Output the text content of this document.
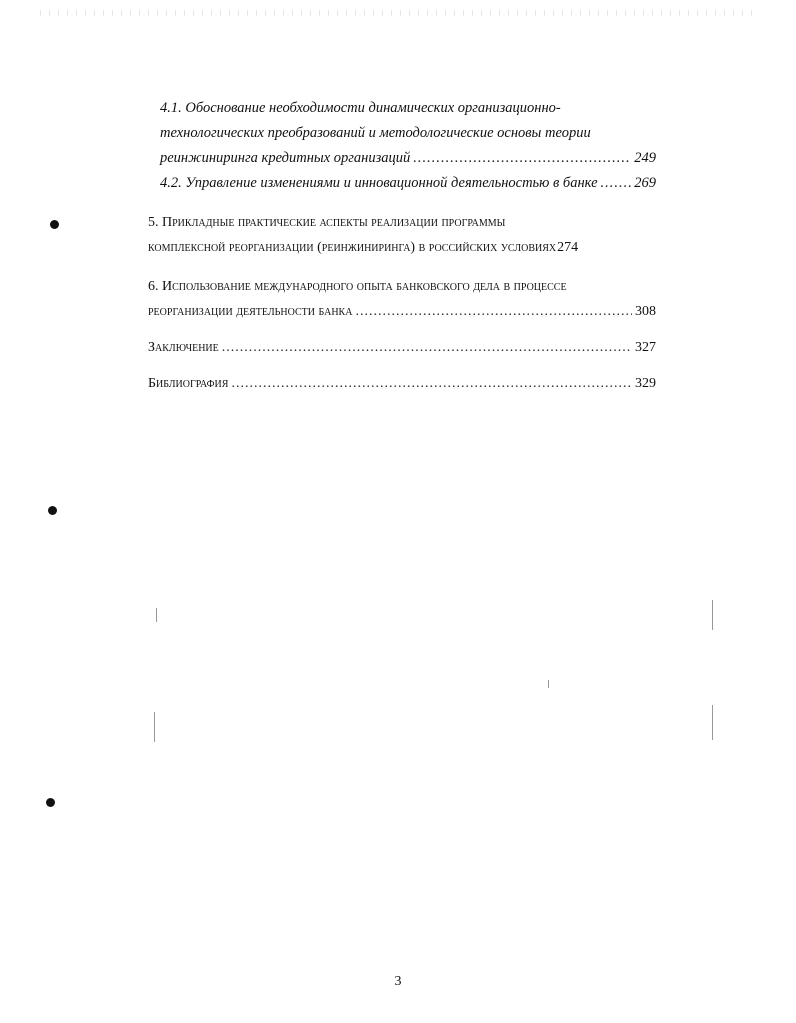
4.1. Обоснование необходимости динамических организационно-
технологических преобразований и методологические основы теории
реинжиниринга кредитных организаций .....	249
4.2. Управление изменениями и инновационной деятельностью в банке .....	269
5. Прикладные практические аспекты реализации программы
комплексной реорганизации (реинжиниринга) в российских условиях 274
6. Использование международного опыта банковского дела в процессе
реорганизации деятельности банка .....	308
Заключение .....	327
Библиография .....	329
3
